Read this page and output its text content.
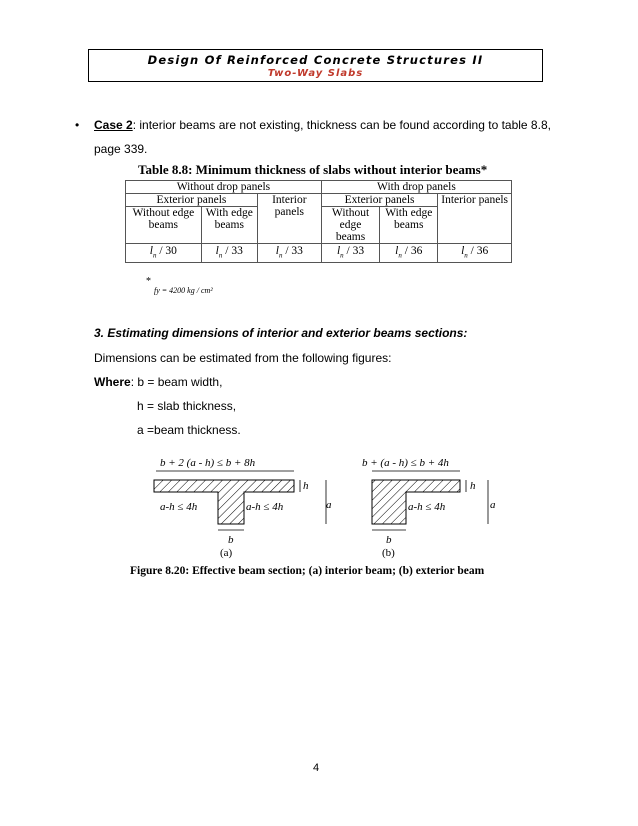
Design Of Reinforced Concrete Structures II
Two-Way Slabs
• Case 2: interior beams are not existing, thickness can be found according to table 8.8,
page 339.
Table 8.8: Minimum thickness of slabs without interior beams*
Without drop panels			With drop panels		
Exterior panels		Interior panels	Exterior panels		Interior panels
Without edge beams	With edge beams		Without edge beams	With edge beams	
$l_n / 30$	$l_n / 33$	$l_n / 33$	$l_n / 33$	$l_n / 36$	$l_n / 36$
*
fy = 4200 kg / cm²
3. Estimating dimensions of interior and exterior beams sections:
Dimensions can be estimated from the following figures:
Where: b = beam width,
h = slab thickness,
a =beam thickness.
b + 2 (a - h) ≤ b + 8h
h
a
a-h ≤ 4h	a-h ≤ 4h
b
(a)
b + (a - h) ≤ b + 4h
h
a
a-h ≤ 4h
b
(b)
Figure 8.20: Effective beam section; (a) interior beam; (b) exterior beam
4
